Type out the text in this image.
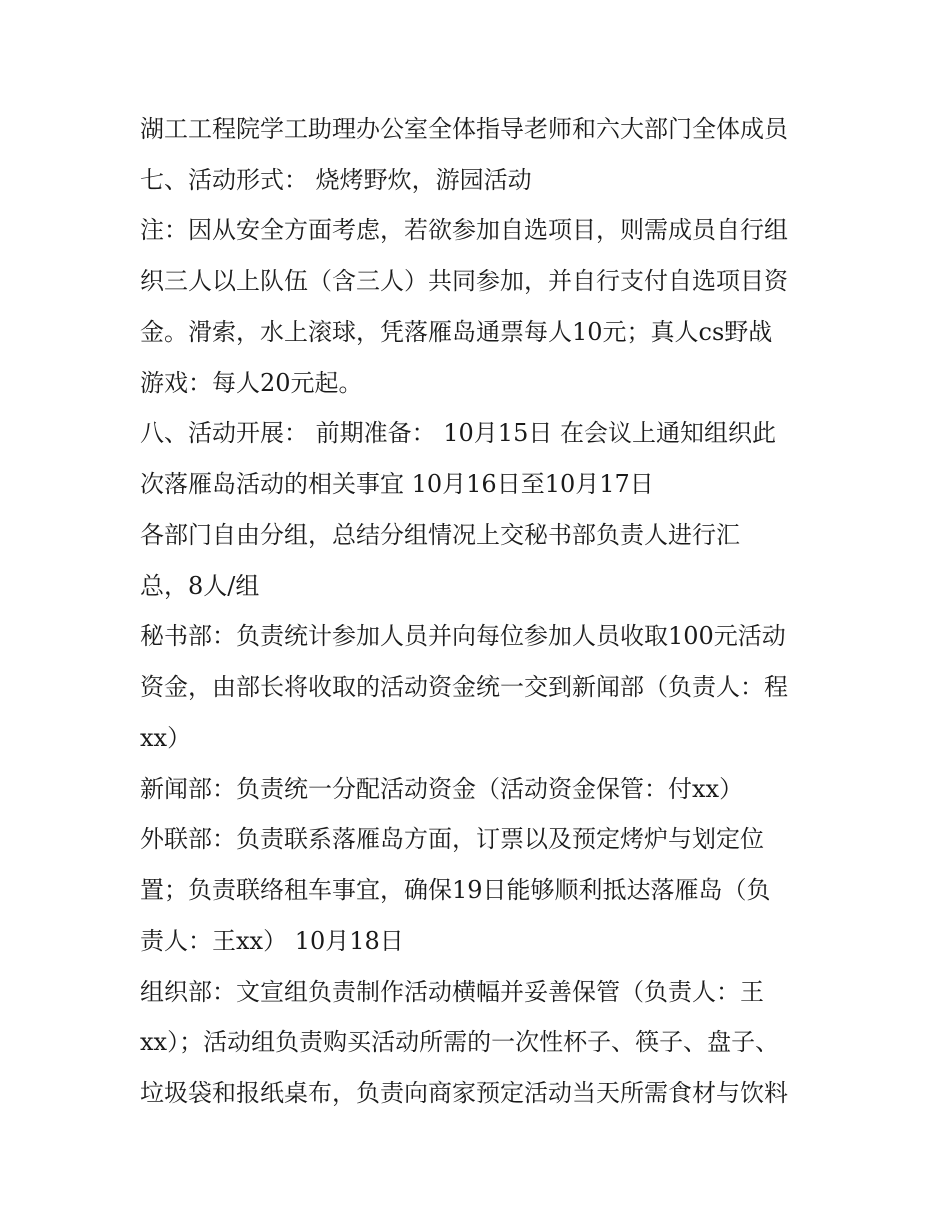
湖工工程院学工助理办公室全体指导老师和六大部门全体成员
七、活动形式： 烧烤野炊，游园活动
注：因从安全方面考虑，若欲参加自选项目，则需成员自行组
织三人以上队伍（含三人）共同参加，并自行支付自选项目资
金。滑索，水上滚球，凭落雁岛通票每人10元；真人cs野战
游戏：每人20元起。
八、活动开展： 前期准备： 10月15日 在会议上通知组织此
次落雁岛活动的相关事宜 10月16日至10月17日
各部门自由分组，总结分组情况上交秘书部负责人进行汇
总，8人/组
秘书部：负责统计参加人员并向每位参加人员收取100元活动
资金，由部长将收取的活动资金统一交到新闻部（负责人：程
xx）
新闻部：负责统一分配活动资金（活动资金保管：付xx）
外联部：负责联系落雁岛方面，订票以及预定烤炉与划定位
置；负责联络租车事宜，确保19日能够顺利抵达落雁岛（负
责人：王xx） 10月18日
组织部：文宣组负责制作活动横幅并妥善保管（负责人：王
xx）；活动组负责购买活动所需的一次性杯子、筷子、盘子、
垃圾袋和报纸桌布，负责向商家预定活动当天所需食材与饮料
